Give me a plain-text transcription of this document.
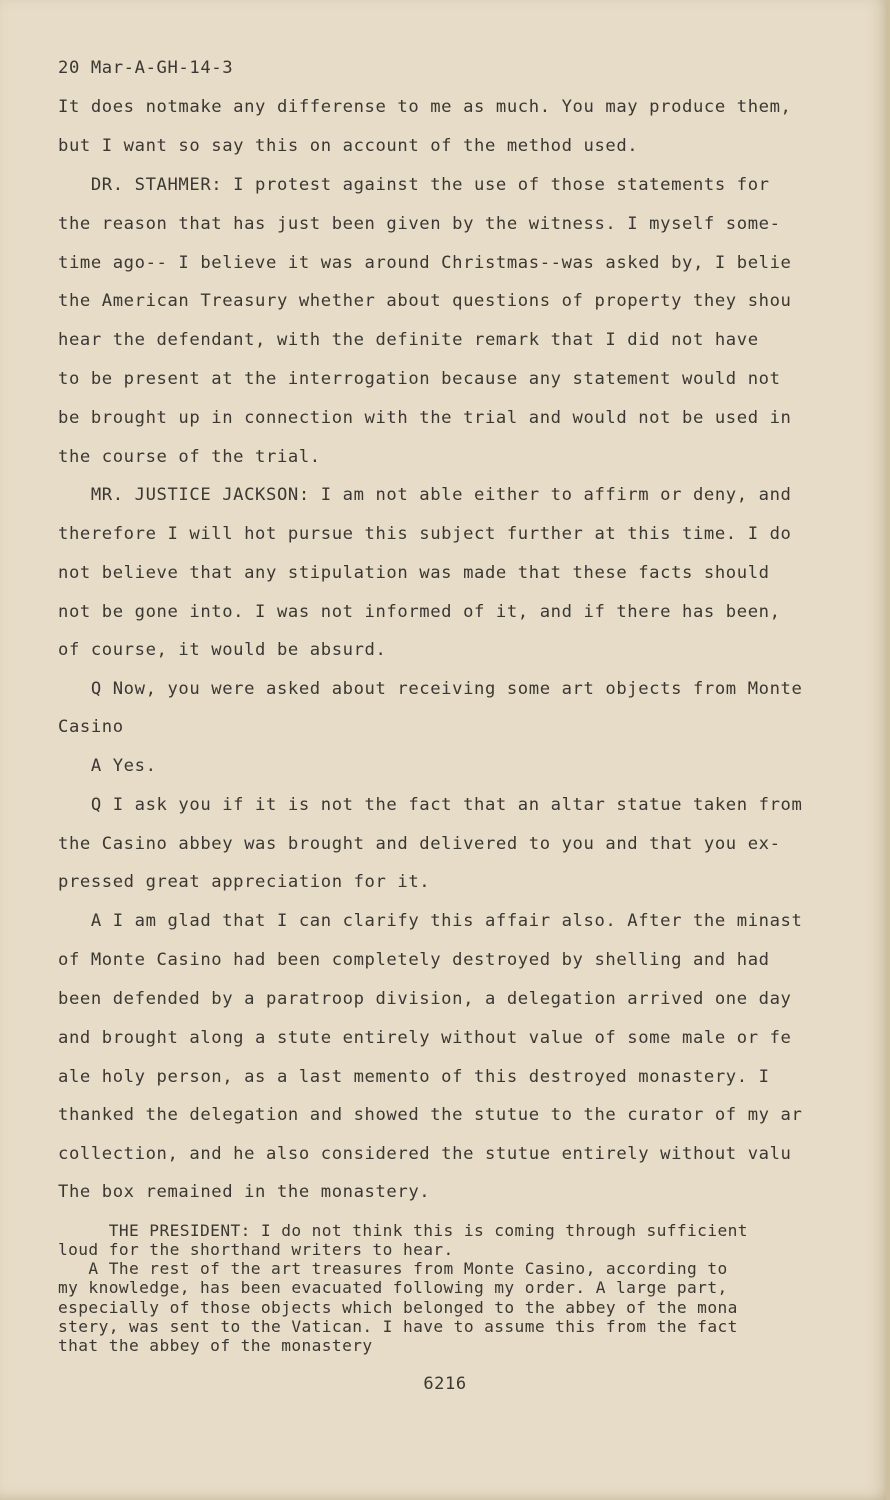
20 Mar-A-GH-14-3
It does notmake any differense to me as much. You may produce them,
but I want so say this on account of the method used.
DR. STAHMER: I protest against the use of those statements for
the reason that has just been given by the witness. I myself some-
time ago-- I believe it was around Christmas--was asked by, I belie
the American Treasury whether about questions of property they shou
hear the defendant, with the definite remark that I did not have
to be present at the interrogation because any statement would not
be brought up in connection with the trial and would not be used in
the course of the trial.
MR. JUSTICE JACKSON: I am not able either to affirm or deny, and
therefore I will hot pursue this subject further at this time. I do
not believe that any stipulation was made that these facts should
not be gone into. I was not informed of it, and if there has been,
of course, it would be absurd.
Q Now, you were asked about receiving some art objects from Monte
Casino
A Yes.
Q I ask you if it is not the fact that an altar statue taken from
the Casino abbey was brought and delivered to you and that you ex-
pressed great appreciation for it.
A I am glad that I can clarify this affair also. After the minast
of Monte Casino had been completely destroyed by shelling and had
been defended by a paratroop division, a delegation arrived one day
and brought along a stute entirely without value of some male or fe
ale holy person, as a last memento of this destroyed monastery. I
thanked the delegation and showed the stutue to the curator of my ar
collection, and he also considered the stutue entirely without valu
The box remained in the monastery.
THE PRESIDENT: I do not think this is coming through sufficient
loud for the shorthand writers to hear.
A The rest of the art treasures from Monte Casino, according to
my knowledge, has been evacuated following my order. A large part,
especially of those objects which belonged to the abbey of the mona
stery, was sent to the Vatican. I have to assume this from the fact
that the abbey of the monastery
6216
